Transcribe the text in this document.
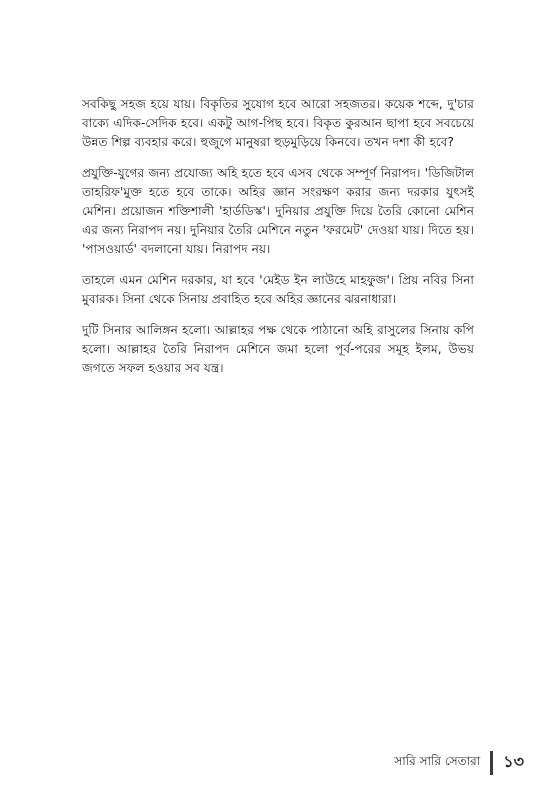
সবকিছু সহজ হয়ে যায়। বিকৃতির সুযোগ হবে আরো সহজতর। কয়েক শব্দে, দু'চার বাক্যে এদিক-সেদিক হবে। একটু আগ-পিছ হবে। বিকৃত কুরআন ছাপা হবে সবচেয়ে উন্নত শিল্প ব্যবহার করে। হুজুগে মানুষরা হুড়মুড়িয়ে কিনবে। তখন দশা কী হবে?

প্রযুক্তি-যুগের জন্য প্রযোজ্য অহি হতে হবে এসব থেকে সম্পূর্ণ নিরাপদ। 'ডিজিটাল তাহরিফ'মুক্ত হতে হবে তাকে। অহির জ্ঞান সংরক্ষণ করার জন্য দরকার যুৎসই মেশিন। প্রয়োজন শক্তিশালী 'হার্ডডিস্ক'। দুনিয়ার প্রযুক্তি দিয়ে তৈরি কোনো মেশিন এর জন্য নিরাপদ নয়। দুনিয়ার তৈরি মেশিনে নতুন 'ফরমেট' দেওয়া যায়। দিতে হয়। 'পাসওয়ার্ড' বদলানো যায়। নিরাপদ নয়।

তাহলে এমন মেশিন দরকার, যা হবে 'মেইড ইন লাউহে মাহফুজ'। প্রিয় নবির সিনা মুবারক। সিনা থেকে সিনায় প্রবাহিত হবে অহির জ্ঞানের ঝরনাধারা।

দুটি সিনার আলিঙ্গন হলো। আল্লাহর পক্ষ থেকে পাঠানো অহি রাসুলের সিনায় কপি হলো। আল্লাহর তৈরি নিরাপদ মেশিনে জমা হলো পূর্ব-পরের সমূহ ইলম, উভয় জগতে সফল হওয়ার সব যন্ত্র।

সারি সারি সেতারা ১৩
